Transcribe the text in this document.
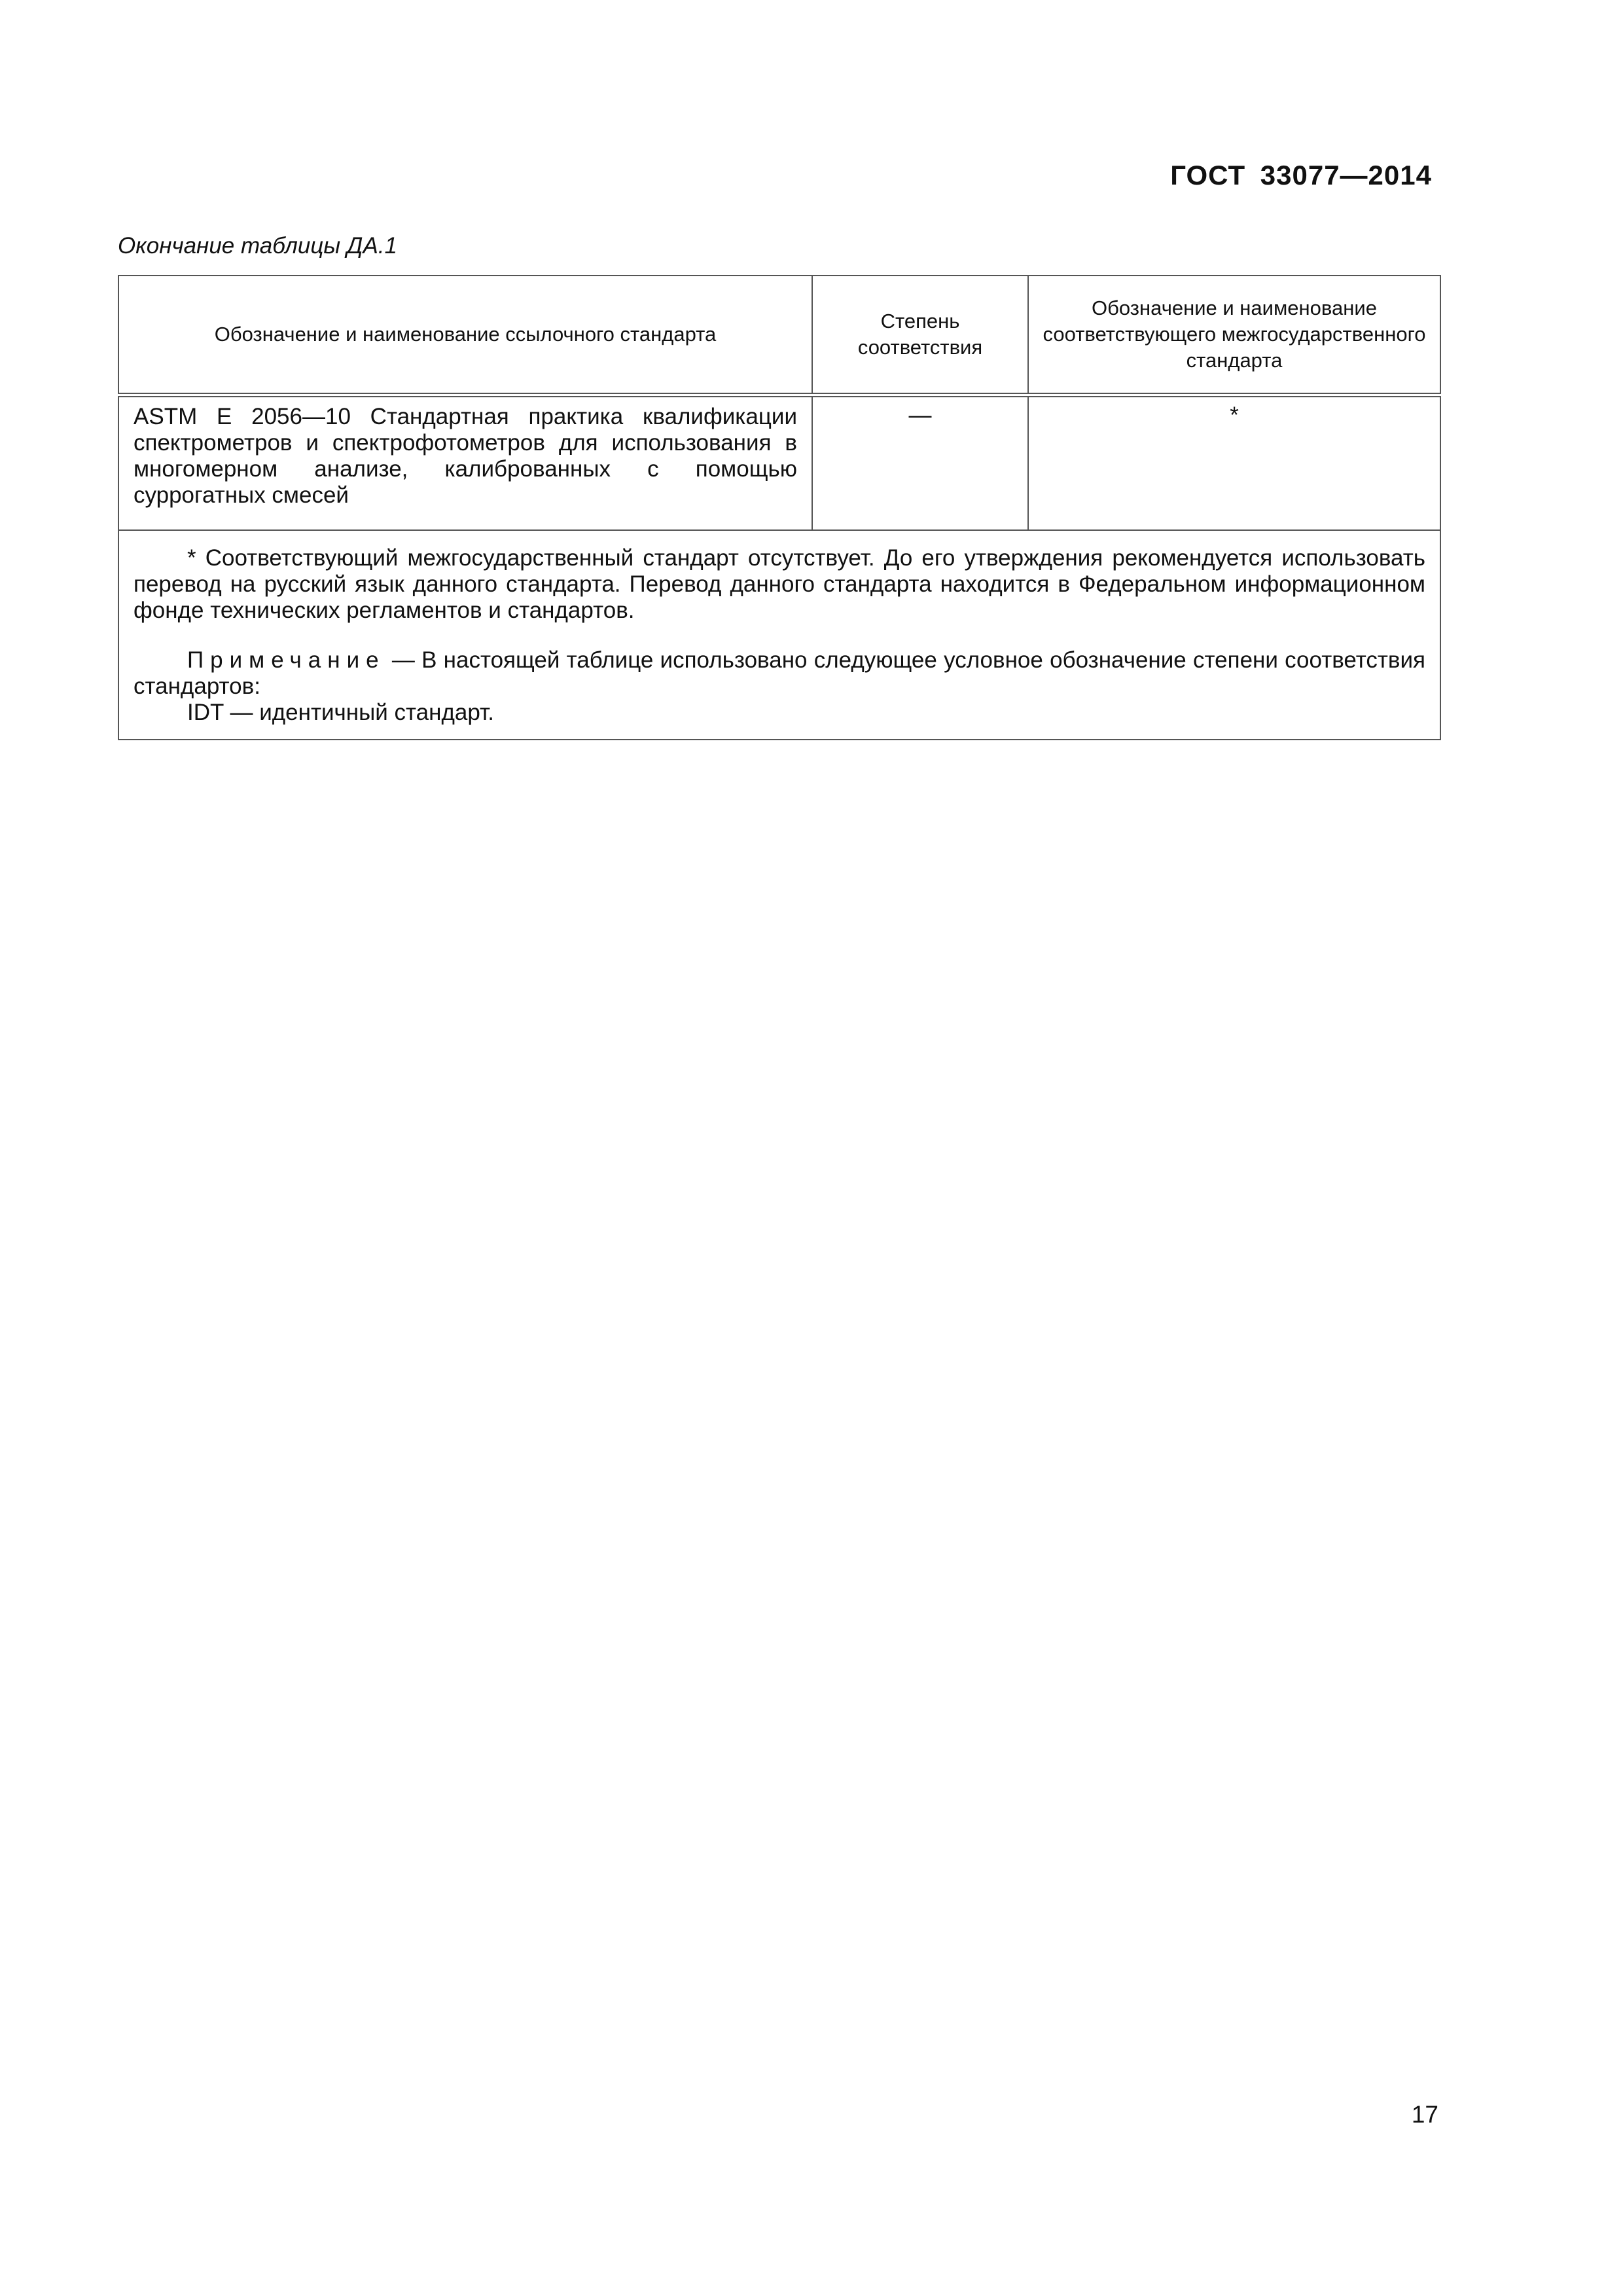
ГОСТ 33077—2014
Окончание таблицы ДА.1
Обозначение и наименование ссылочного стандарта	Степень соответствия	Обозначение и наименование соответствующего межгосударственного стандарта
ASTM E 2056—10 Стандартная практика квалификации спектрометров и спектрофотометров для использования в многомерном анализе, калиброванных с помощью суррогатных смесей	—	*

* Соответствующий межгосударственный стандарт отсутствует. До его утверждения рекомендуется использовать перевод на русский язык данного стандарта. Перевод данного стандарта находится в Федеральном информационном фонде технических регламентов и стандартов.

Примечание — В настоящей таблице использовано следующее условное обозначение степени соответствия стандартов:

IDT — идентичный стандарт.		

17
